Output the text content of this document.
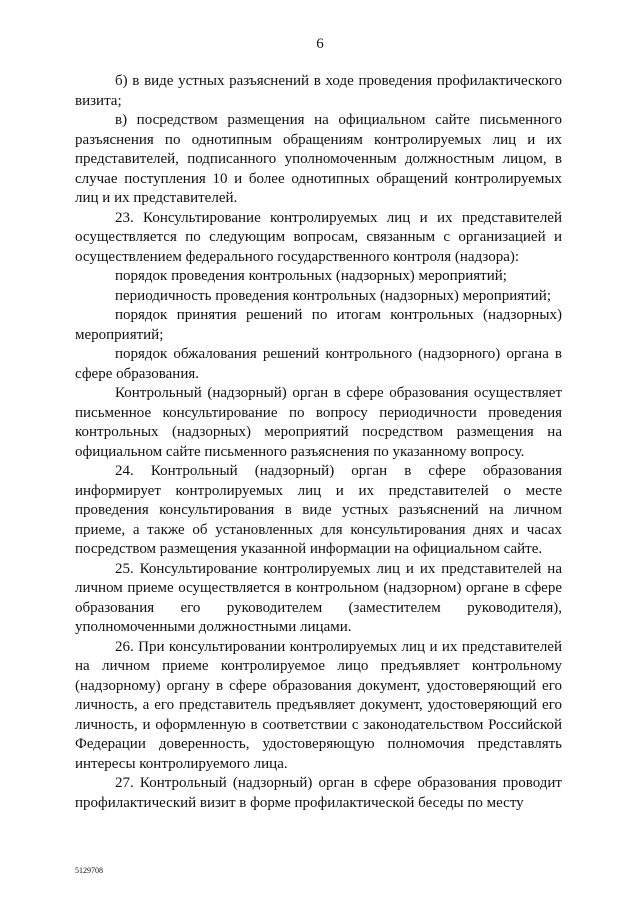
6

б) в виде устных разъяснений в ходе проведения профилактического визита;

в) посредством размещения на официальном сайте письменного разъяснения по однотипным обращениям контролируемых лиц и их представителей, подписанного уполномоченным должностным лицом, в случае поступления 10 и более однотипных обращений контролируемых лиц и их представителей.

23. Консультирование контролируемых лиц и их представителей осуществляется по следующим вопросам, связанным с организацией и осуществлением федерального государственного контроля (надзора):

порядок проведения контрольных (надзорных) мероприятий;

периодичность проведения контрольных (надзорных) мероприятий;

порядок принятия решений по итогам контрольных (надзорных) мероприятий;

порядок обжалования решений контрольного (надзорного) органа в сфере образования.

Контрольный (надзорный) орган в сфере образования осуществляет письменное консультирование по вопросу периодичности проведения контрольных (надзорных) мероприятий посредством размещения на официальном сайте письменного разъяснения по указанному вопросу.

24. Контрольный (надзорный) орган в сфере образования информирует контролируемых лиц и их представителей о месте проведения консультирования в виде устных разъяснений на личном приеме, а также об установленных для консультирования днях и часах посредством размещения указанной информации на официальном сайте.

25. Консультирование контролируемых лиц и их представителей на личном приеме осуществляется в контрольном (надзорном) органе в сфере образования его руководителем (заместителем руководителя), уполномоченными должностными лицами.

26. При консультировании контролируемых лиц и их представителей на личном приеме контролируемое лицо предъявляет контрольному (надзорному) органу в сфере образования документ, удостоверяющий его личность, а его представитель предъявляет документ, удостоверяющий его личность, и оформленную в соответствии с законодательством Российской Федерации доверенность, удостоверяющую полномочия представлять интересы контролируемого лица.

27. Контрольный (надзорный) орган в сфере образования проводит профилактический визит в форме профилактической беседы по месту

5129708
